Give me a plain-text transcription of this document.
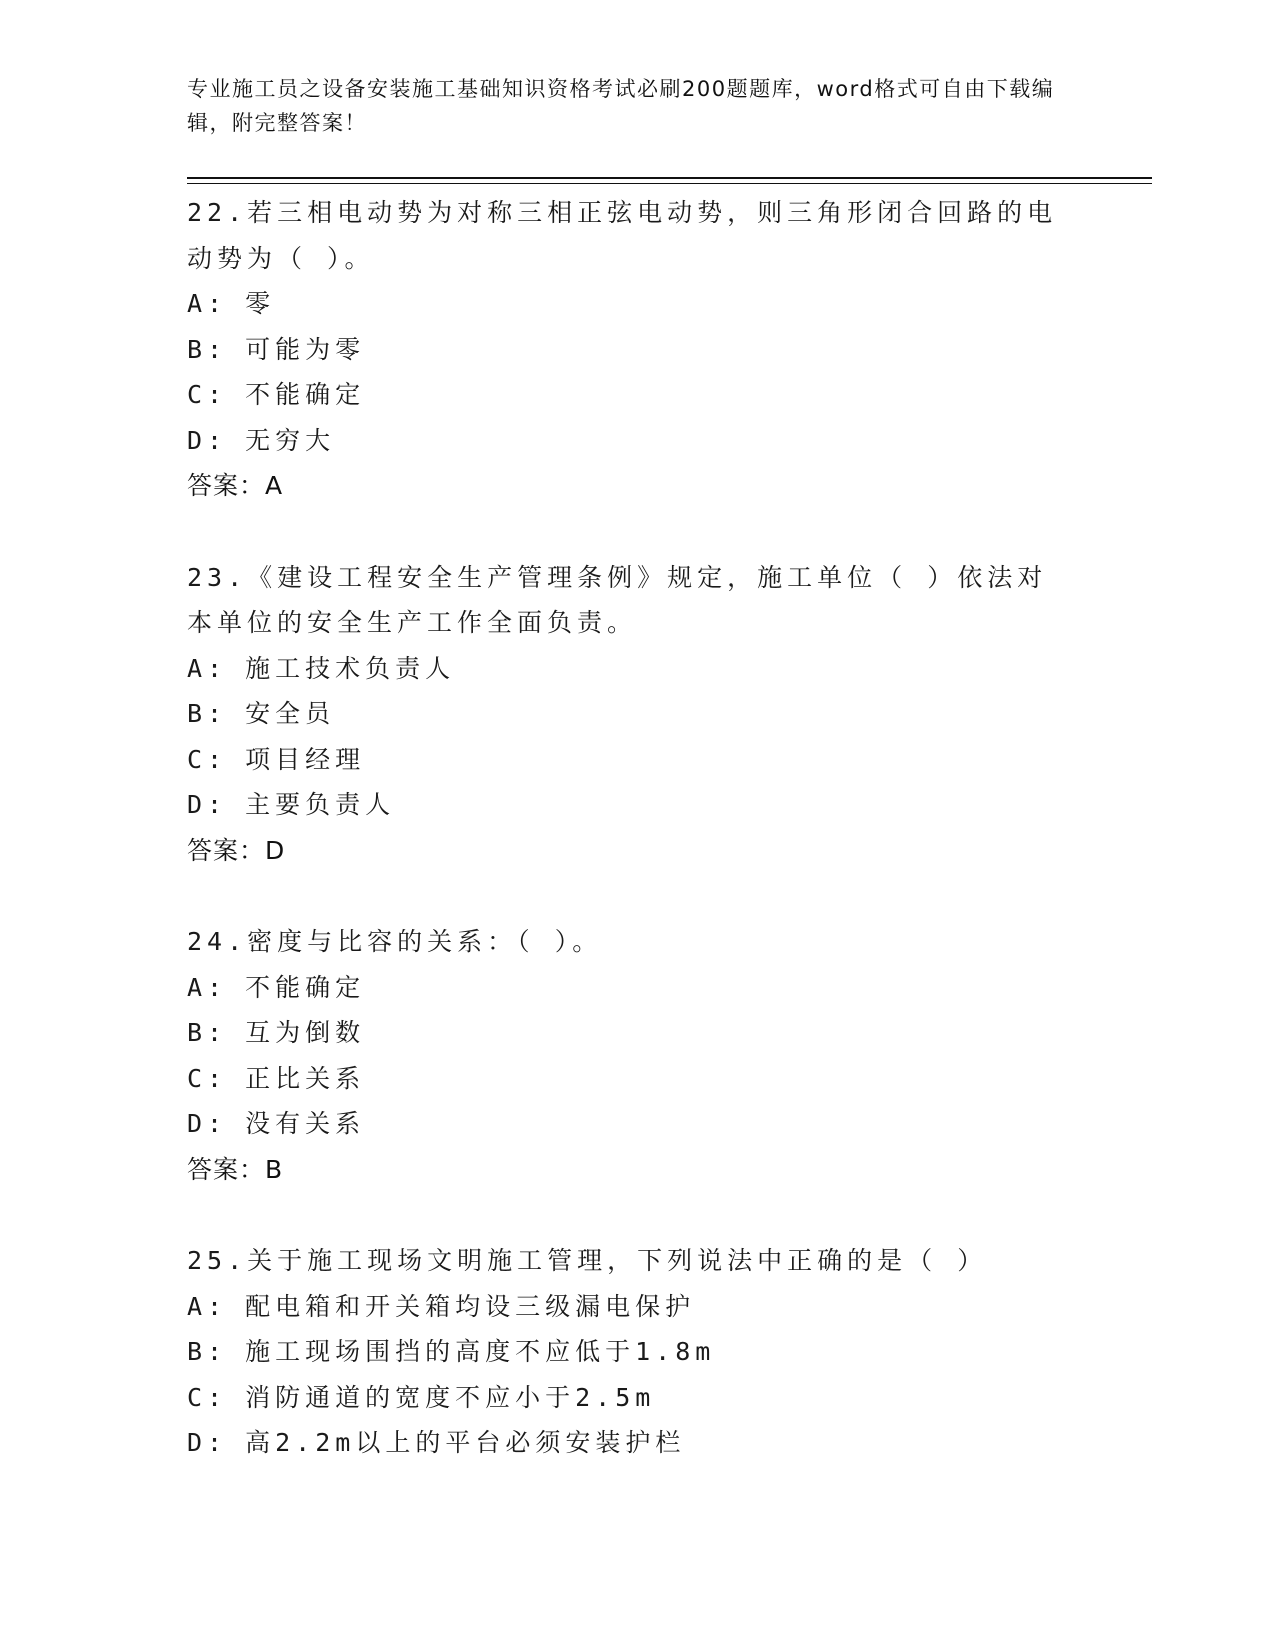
专业施工员之设备安装施工基础知识资格考试必刷200题题库，word格式可自由下载编辑，附完整答案！
22.若三相电动势为对称三相正弦电动势，则三角形闭合回路的电动势为（ ）。
A: 零
B: 可能为零
C: 不能确定
D: 无穷大
答案：A
23.《建设工程安全生产管理条例》规定，施工单位（ ）依法对本单位的安全生产工作全面负责。
A: 施工技术负责人
B: 安全员
C: 项目经理
D: 主要负责人
答案：D
24.密度与比容的关系：（ ）。
A: 不能确定
B: 互为倒数
C: 正比关系
D: 没有关系
答案：B
25.关于施工现场文明施工管理，下列说法中正确的是（ ）
A: 配电箱和开关箱均设三级漏电保护
B: 施工现场围挡的高度不应低于1.8m
C: 消防通道的宽度不应小于2.5m
D: 高2.2m以上的平台必须安装护栏
